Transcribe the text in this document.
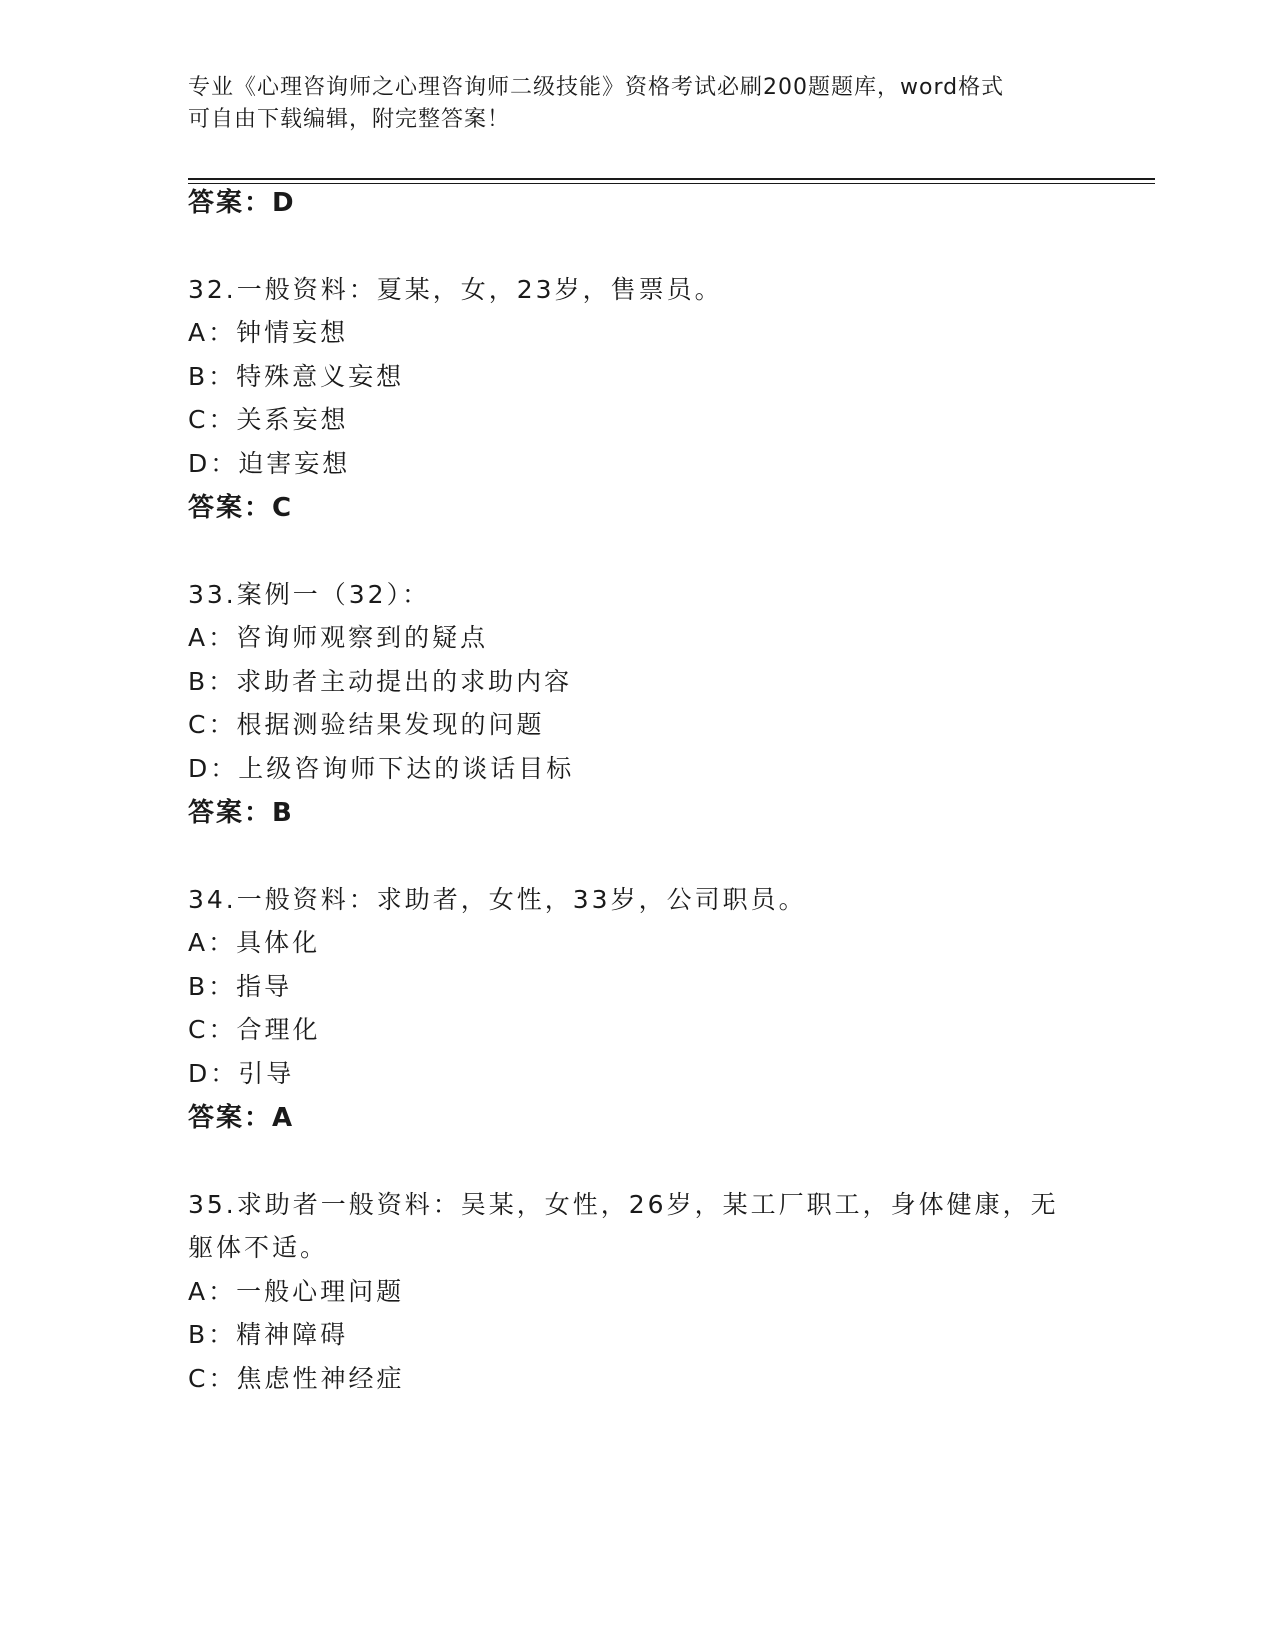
专业《心理咨询师之心理咨询师二级技能》资格考试必刷200题题库，word格式
可自由下载编辑，附完整答案！
答案：D
32.一般资料：夏某，女，23岁，售票员。
A：钟情妄想
B：特殊意义妄想
C：关系妄想
D：迫害妄想
答案：C
33.案例一（32）：
A：咨询师观察到的疑点
B：求助者主动提出的求助内容
C：根据测验结果发现的问题
D：上级咨询师下达的谈话目标
答案：B
34.一般资料：求助者，女性，33岁，公司职员。
A：具体化
B：指导
C：合理化
D：引导
答案：A
35.求助者一般资料：吴某，女性，26岁，某工厂职工，身体健康，无
躯体不适。
A：一般心理问题
B：精神障碍
C：焦虑性神经症
